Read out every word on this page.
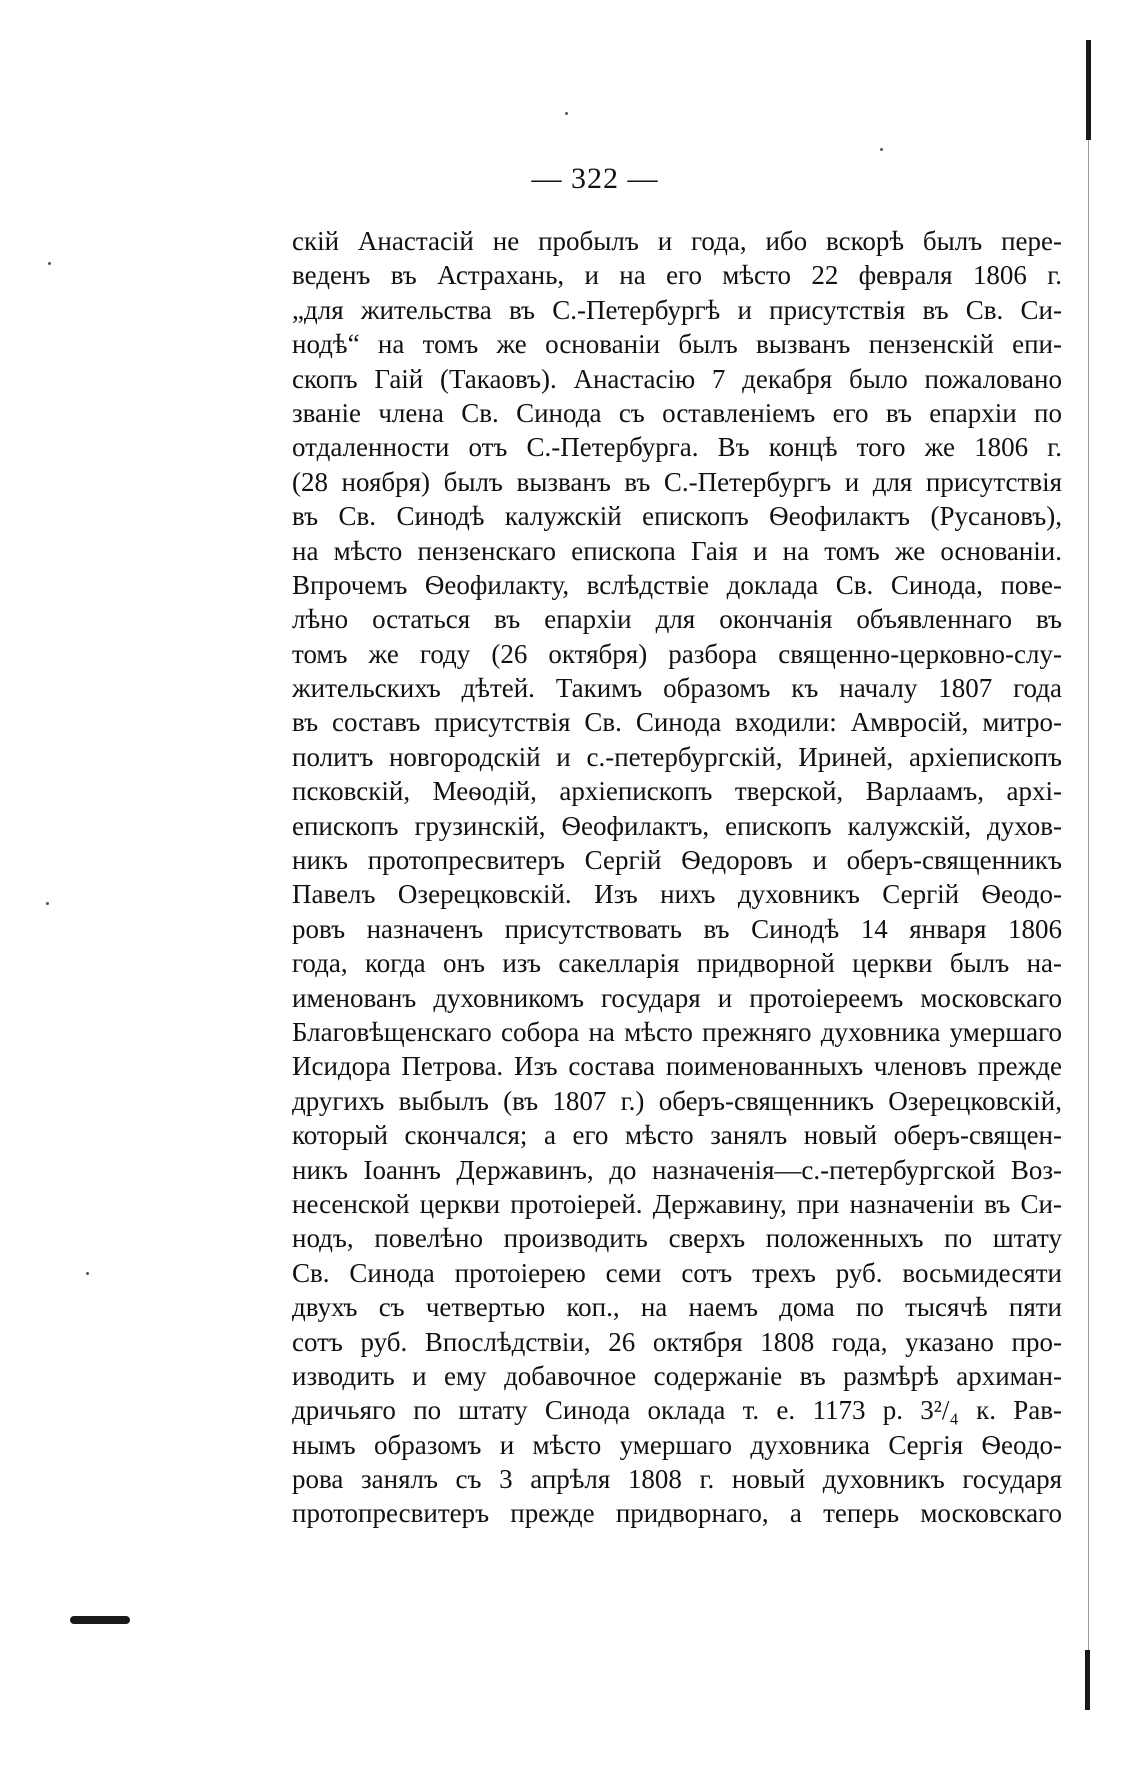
— 322 —
скій Анастасій не пробылъ и года, ибо вскорѣ былъ пере-
веденъ въ Астрахань, и на его мѣсто 22 февраля 1806 г.
„для жительства въ С.-Петербургѣ и присутствія въ Св. Си-
нодѣ“ на томъ же основаніи былъ вызванъ пензенскій епи-
скопъ Гаій (Такаовъ). Анастасію 7 декабря было пожаловано
званіе члена Св. Синода съ оставленіемъ его въ епархіи по
отдаленности отъ С.-Петербурга. Въ концѣ того же 1806 г.
(28 ноября) былъ вызванъ въ С.-Петербургъ и для присутствія
въ Св. Синодѣ калужскій епископъ Ѳеофилактъ (Русановъ),
на мѣсто пензенскаго епископа Гаія и на томъ же основаніи.
Впрочемъ Ѳеофилакту, вслѣдствіе доклада Св. Синода, пове-
лѣно остаться въ епархіи для окончанія объявленнаго въ
томъ же году (26 октября) разбора священно-церковно-слу-
жительскихъ дѣтей. Такимъ образомъ къ началу 1807 года
въ составъ присутствія Св. Синода входили: Амвросій, митро-
политъ новгородскій и с.-петербургскій, Ириней, архіепископъ
псковскій, Меѳодій, архіепископъ тверской, Варлаамъ, архі-
епископъ грузинскій, Ѳеофилактъ, епископъ калужскій, духов-
никъ протопресвитеръ Сергій Ѳедоровъ и оберъ-священникъ
Павелъ Озерецковскій. Изъ нихъ духовникъ Сергій Ѳеодо-
ровъ назначенъ присутствовать въ Синодѣ 14 января 1806
года, когда онъ изъ сакелларія придворной церкви былъ на-
именованъ духовникомъ государя и протоіереемъ московскаго
Благовѣщенскаго собора на мѣсто прежняго духовника умершаго
Исидора Петрова. Изъ состава поименованныхъ членовъ прежде
другихъ выбылъ (въ 1807 г.) оберъ-священникъ Озерецковскій,
который скончался; а его мѣсто занялъ новый оберъ-священ-
никъ Іоаннъ Державинъ, до назначенія—с.-петербургской Воз-
несенской церкви протоіерей. Державину, при назначеніи въ Си-
нодъ, повелѣно производить сверхъ положенныхъ по штату
Св. Синода протоіерею семи сотъ трехъ руб. восьмидесяти
двухъ съ четвертью коп., на наемъ дома по тысячѣ пяти
сотъ руб. Впослѣдствіи, 26 октября 1808 года, указано про-
изводить и ему добавочное содержаніе въ размѣрѣ архиман-
дричьяго по штату Синода оклада т. е. 1173 р. 3²/₄ к. Рав-
нымъ образомъ и мѣсто умершаго духовника Сергія Ѳеодо-
рова занялъ съ 3 апрѣля 1808 г. новый духовникъ государя
протопресвитеръ прежде придворнаго, а теперь московскаго
